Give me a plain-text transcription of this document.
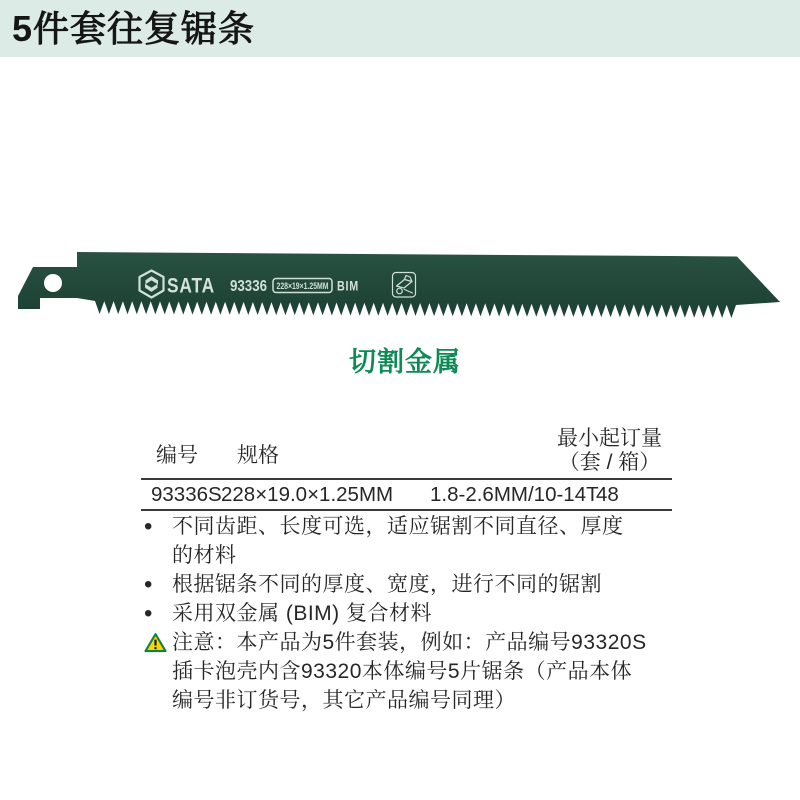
5件套往复锯条
SATA 93336 228×19×1.25MM BIM
切割金属
编号 规格
最小起订量
（套 / 箱）
93336S 228×19.0×1.25MM 1.8-2.6MM/10-14T
48
• 不同齿距、长度可选，适应锯割不同直径、厚度
的材料
• 根据锯条不同的厚度、宽度，进行不同的锯割
• 采用双金属 (BIM) 复合材料
注意：本产品为5件套装，例如：产品编号93320S
插卡泡壳内含93320本体编号5片锯条（产品本体
编号非订货号，其它产品编号同理）
